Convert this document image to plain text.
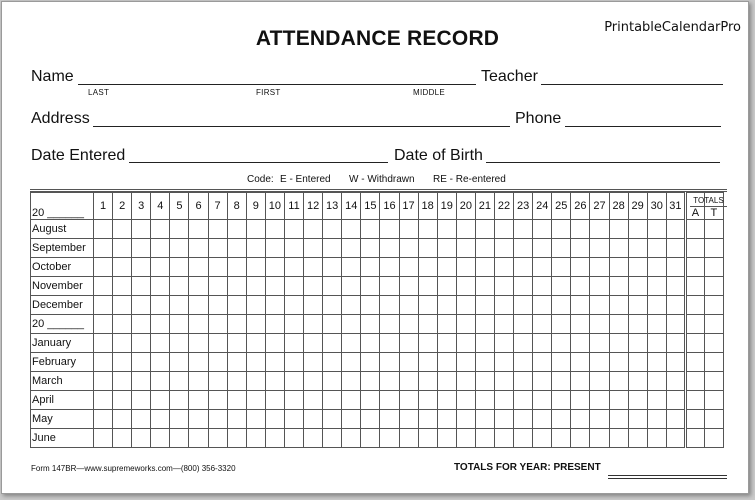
PrintableCalendarPro
ATTENDANCE RECORD
Name	Teacher
LAST	FIRST	MIDDLE
Address	Phone
Date Entered	Date of Birth
Code: E - Entered W - Withdrawn RE - Re-entered
20 ______	1	2	3	4	5	6	7	8	9	10	11	12	13	14	15	16	17	18	19	20	21	22	23	24	25	26	27	28	29	30	31	A	T
August																																	
September																																	
October																																	
November																																	
December																																	
20 ______																																	
January																																	
February																																	
March																																	
April																																	
May																																	
June																																	
Form 147BR—www.supremeworks.com—(800) 356-3320	TOTALS FOR YEAR: PRESENT
TOTALS
